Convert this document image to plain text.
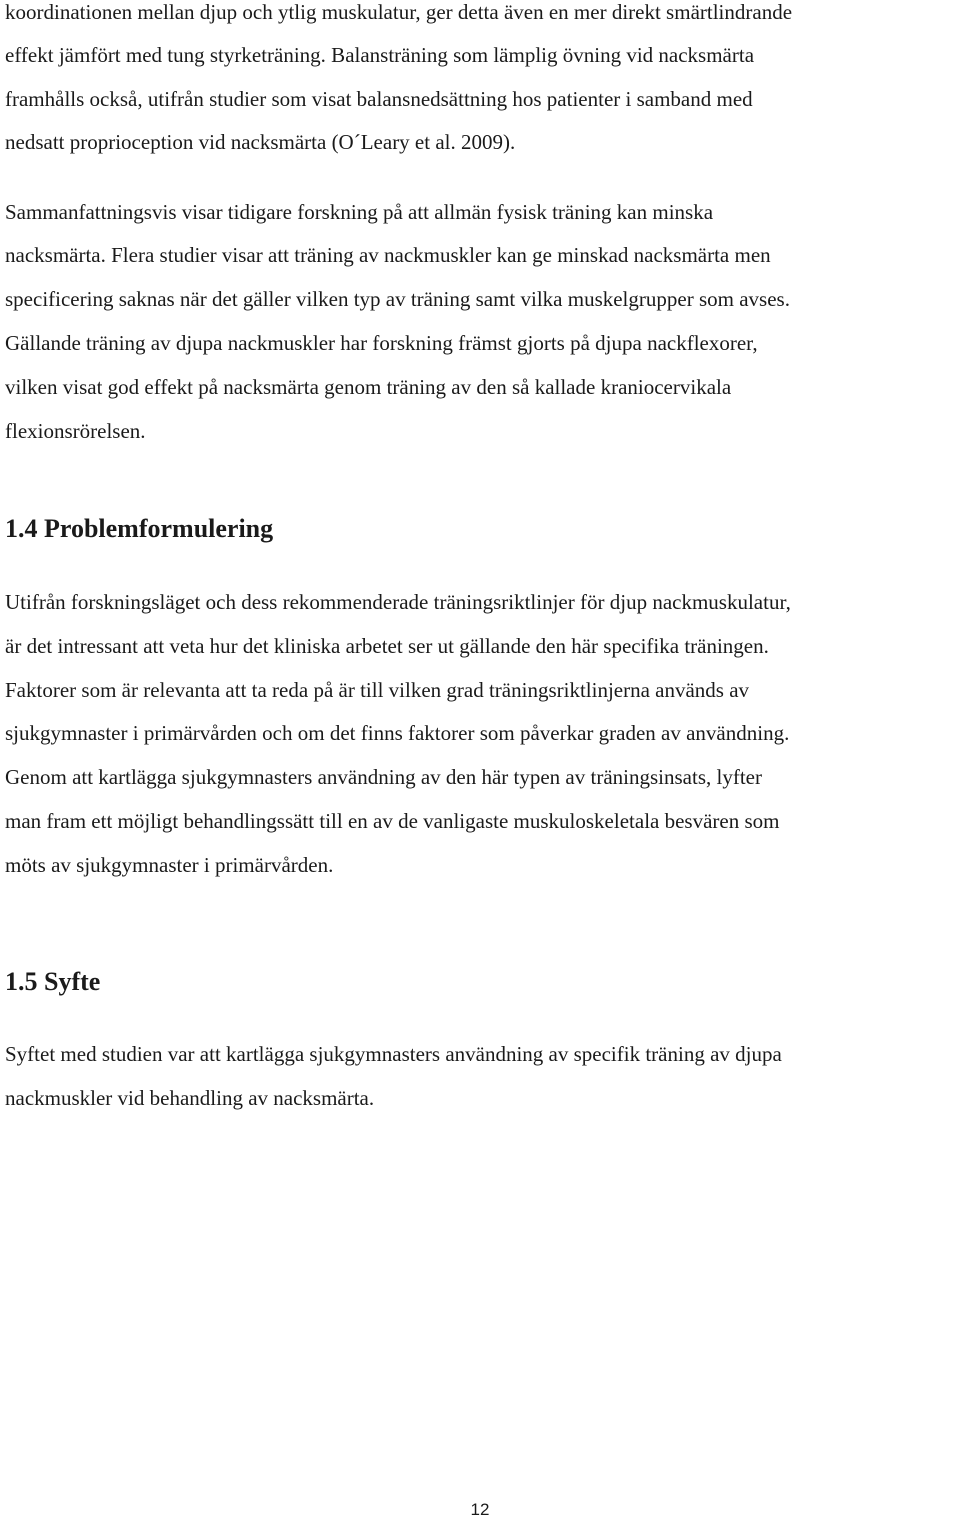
koordinationen mellan djup och ytlig muskulatur, ger detta även en mer direkt smärtlindrande
effekt jämfört med tung styrketräning. Balansträning som lämplig övning vid nacksmärta
framhålls också, utifrån studier som visat balansnedsättning hos patienter i samband med
nedsatt proprioception vid nacksmärta (O´Leary et al. 2009).
Sammanfattningsvis visar tidigare forskning på att allmän fysisk träning kan minska
nacksmärta. Flera studier visar att träning av nackmuskler kan ge minskad nacksmärta men
specificering saknas när det gäller vilken typ av träning samt vilka muskelgrupper som avses.
Gällande träning av djupa nackmuskler har forskning främst gjorts på djupa nackflexorer,
vilken visat god effekt på nacksmärta genom träning av den så kallade kraniocervikala
flexionsrörelsen.
1.4 Problemformulering
Utifrån forskningsläget och dess rekommenderade träningsriktlinjer för djup nackmuskulatur,
är det intressant att veta hur det kliniska arbetet ser ut gällande den här specifika träningen.
Faktorer som är relevanta att ta reda på är till vilken grad träningsriktlinjerna används av
sjukgymnaster i primärvården och om det finns faktorer som påverkar graden av användning.
Genom att kartlägga sjukgymnasters användning av den här typen av träningsinsats, lyfter
man fram ett möjligt behandlingssätt till en av de vanligaste muskuloskeletala besvären som
möts av sjukgymnaster i primärvården.
1.5 Syfte
Syftet med studien var att kartlägga sjukgymnasters användning av specifik träning av djupa
nackmuskler vid behandling av nacksmärta.
12
